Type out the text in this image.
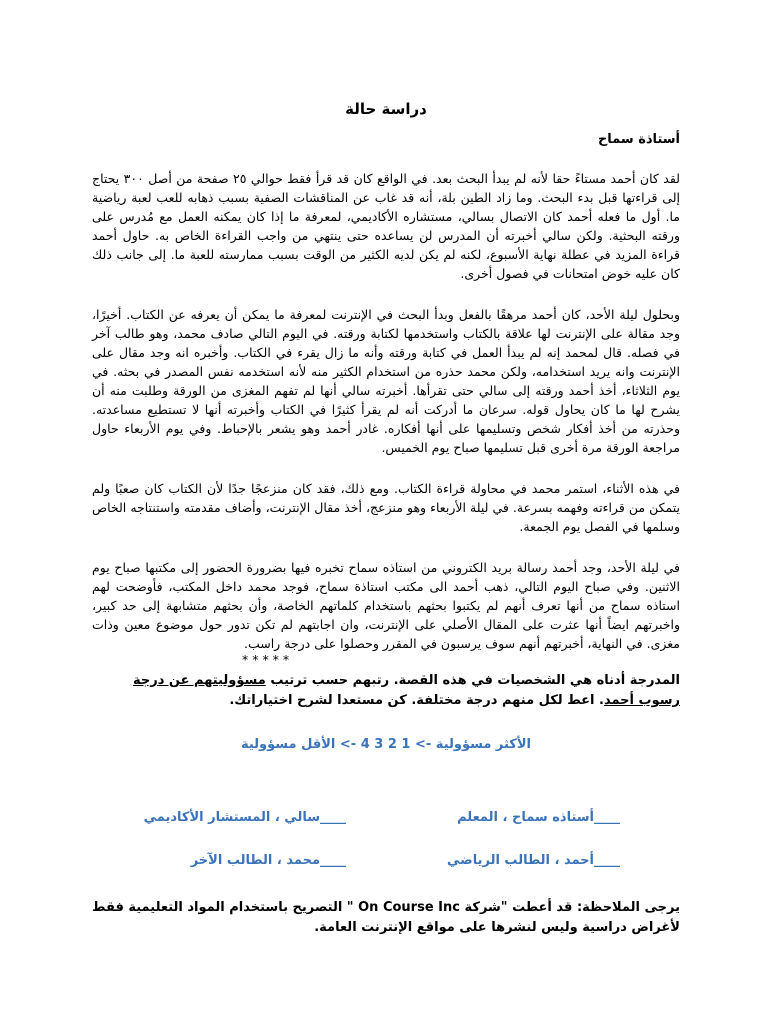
دراسة حالة
أستاذة سماح

لقد كان أحمد مستاءً حقا لأنه لم يبدأ البحث بعد. في الواقع كان قد قرأ فقط حوالي ٢٥ صفحة من أصل ٣٠٠ يحتاج إلى قراءتها قبل بدء البحث. وما زاد الطين بلة، أنه قد غاب عن المناقشات الصفية بسبب ذهابه للعب لعبة رياضية ما. أول ما فعله أحمد كان الاتصال بسالي، مستشاره الأكاديمي، لمعرفة ما إذا كان يمكنه العمل مع مُدرس على ورقته البحثية. ولكن سالي أخبرته أن المدرس لن يساعده حتى ينتهي من واجب القراءة الخاص به. حاول أحمد قراءة المزيد في عطلة نهاية الأسبوع، لكنه لم يكن لديه الكثير من الوقت بسبب ممارسته للعبة ما. إلى جانب ذلك كان عليه خوض امتحانات في فصول أخرى.

وبحلول ليلة الأحد، كان أحمد مرهقًا بالفعل وبدأ البحث في الإنترنت لمعرفة ما يمكن أن يعرفه عن الكتاب. أخيرًا، وجد مقالة على الإنترنت لها علاقة بالكتاب واستخدمها لكتابة ورقته. في اليوم التالي صادف محمد، وهو طالب آخر في فصله. قال لمحمد إنه لم يبدأ العمل في كتابة ورقته وأنه ما زال يقرء في الكتاب. وأخبره انه وجد مقال على الإنترنت وانه يريد استخدامه، ولكن محمد حذره من استخدام الكثير منه لأنه استخدمه نفس المصدر في بحثه. في يوم الثلاثاء، أخذ أحمد ورقته إلى سالي حتى تقرأها. أخبرته سالي أنها لم تفهم المغزى من الورقة وطلبت منه أن يشرح لها ما كان يحاول قوله. سرعان ما أدركت أنه لم يقرأ كثيرًا في الكتاب وأخبرته أنها لا تستطيع مساعدته. وحذرته من أخذ أفكار شخص وتسليمها على أنها أفكاره. غادر أحمد وهو يشعر بالإحباط. وفي يوم الأربعاء حاول مراجعة الورقة مرة أخرى قبل تسليمها صباح يوم الخميس.

في هذه الأثناء، استمر محمد في محاولة قراءة الكتاب. ومع ذلك، فقد كان منزعجًا جدًا لأن الكتاب كان صعبًا ولم يتمكن من قراءته وفهمه بسرعة. في ليلة الأربعاء وهو منزعج، أخذ مقال الإنترنت، وأضاف مقدمته واستنتاجه الخاص وسلمها في الفصل يوم الجمعة.

في ليلة الأحد، وجد أحمد رسالة بريد الكتروني من استاذه سماح تخبره فيها بضرورة الحضور إلى مكتبها صباح يوم الاثنين. وفي صباح اليوم التالي، ذهب أحمد الى مكتب استاذة سماح، فوجد محمد داخل المكتب، فأوضحت لهم استاذه سماح من أنها تعرف أنهم لم يكتبوا بحثهم باستخدام كلماتهم الخاصة، وأن بحثهم متشابهة إلى حد كبير، واخبرتهم ايضاً أنها عثرت على المقال الأصلي على الإنترنت، وان اجابتهم لم تكن تدور حول موضوع معين وذات مغزى. في النهاية، أخبرتهم أنهم سوف يرسبون في المقرر وحصلوا على درجة راسب.

* * * * *
المدرجة أدناه هي الشخصيات في هذه القصة. رتبهم حسب ترتيب مسؤوليتهم عن درجة رسوب أحمد. اعط لكل منهم درجة مختلفة. كن مستعدا لشرح اختياراتك.
الأكثر مسؤولية -> 1 2 3 4 -> الأقل مسؤولية
____أستاذه سماح ، المعلم
____سالي ، المستشار الأكاديمي
____أحمد ، الطالب الرياضي
____محمد ، الطالب الآخر
يرجى الملاحظة: قد أعطت "شركة On Course Inc " التصريح باستخدام المواد التعليمية فقط لأغراض دراسية وليس لنشرها على مواقع الإنترنت العامة.
